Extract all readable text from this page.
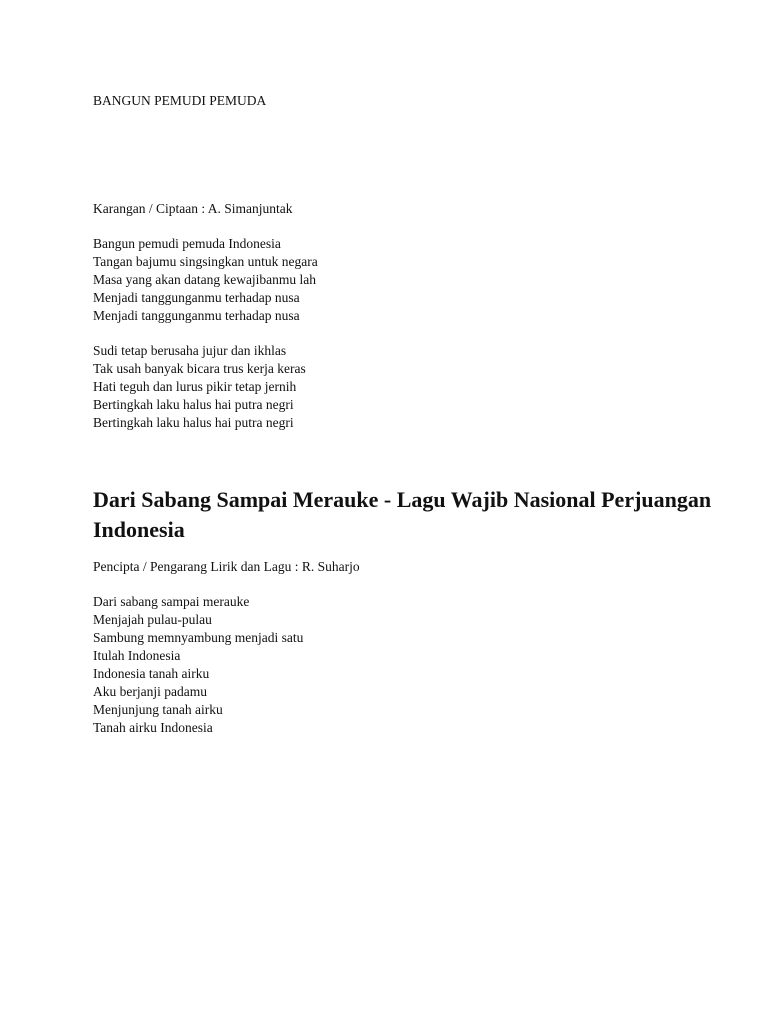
BANGUN PEMUDI PEMUDA
Karangan / Ciptaan : A. Simanjuntak
Bangun pemudi pemuda Indonesia
Tangan bajumu singsingkan untuk negara
Masa yang akan datang kewajibanmu lah
Menjadi tanggunganmu terhadap nusa
Menjadi tanggunganmu terhadap nusa
Sudi tetap berusaha jujur dan ikhlas
Tak usah banyak bicara trus kerja keras
Hati teguh dan lurus pikir tetap jernih
Bertingkah laku halus hai putra negri
Bertingkah laku halus hai putra negri
Dari Sabang Sampai Merauke - Lagu Wajib Nasional Perjuangan Indonesia
Pencipta / Pengarang Lirik dan Lagu : R. Suharjo
Dari sabang sampai merauke
Menjajah pulau-pulau
Sambung memnyambung menjadi satu
Itulah Indonesia
Indonesia tanah airku
Aku berjanji padamu
Menjunjung tanah airku
Tanah airku Indonesia
